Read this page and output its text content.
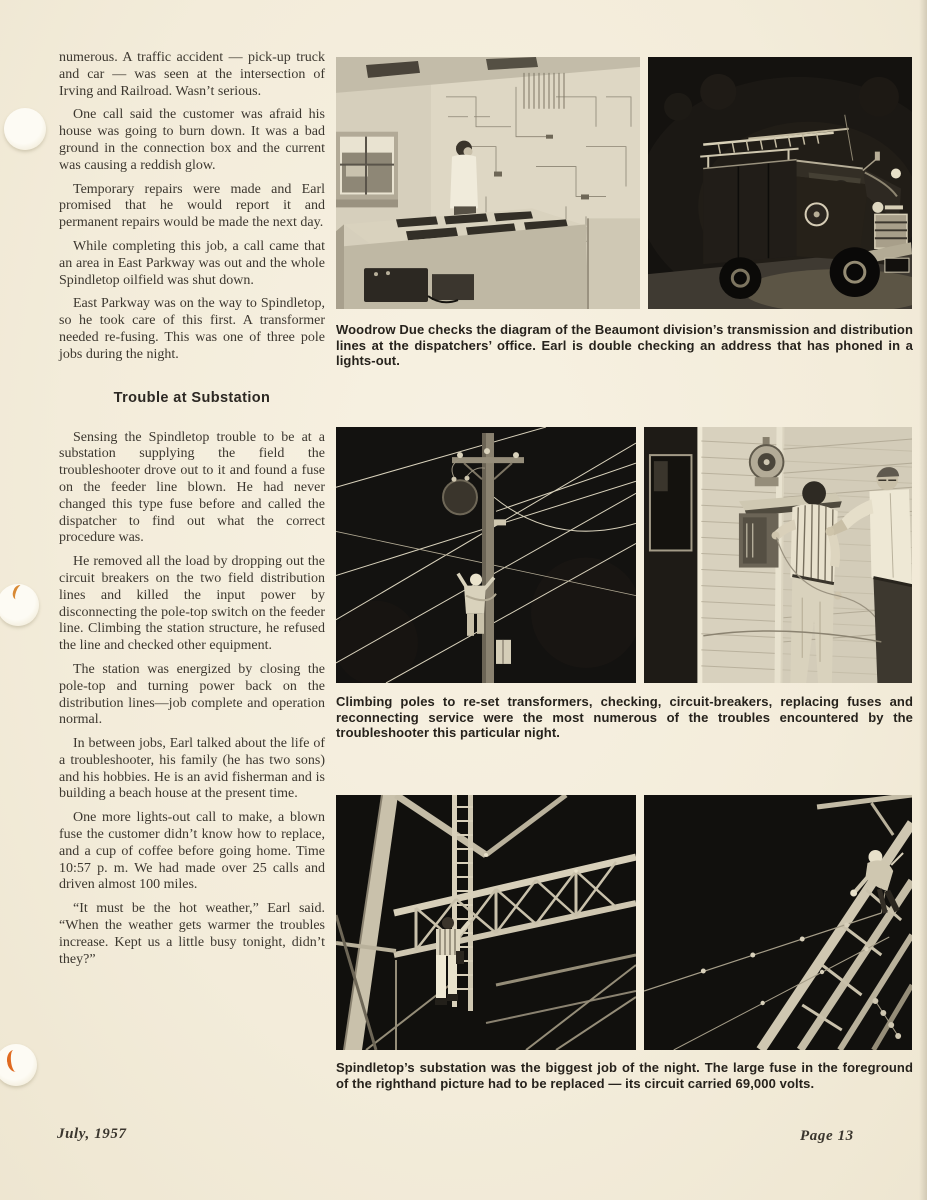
numerous. A traffic accident — pick-up truck and car — was seen at the intersection of Irving and Railroad. Wasn’t serious.

One call said the customer was afraid his house was going to burn down. It was a bad ground in the connection box and the current was causing a reddish glow.

Temporary repairs were made and Earl promised that he would report it and permanent repairs would be made the next day.

While completing this job, a call came that an area in East Parkway was out and the whole Spindletop oilfield was shut down.

East Parkway was on the way to Spindletop, so he took care of this first. A transformer needed re-fusing. This was one of three pole jobs during the night.

Trouble at Substation

Sensing the Spindletop trouble to be at a substation supplying the field the troubleshooter drove out to it and found a fuse on the feeder line blown. He had never changed this type fuse before and called the dispatcher to find out what the correct procedure was.

He removed all the load by dropping out the circuit breakers on the two field distribution lines and killed the input power by disconnecting the pole-top switch on the feeder line. Climbing the station structure, he refused the line and checked other equipment.

The station was energized by closing the pole-top and turning power back on the distribution lines—job complete and operation normal.

In between jobs, Earl talked about the life of a troubleshooter, his family (he has two sons) and his hobbies. He is an avid fisherman and is building a beach house at the present time.

One more lights-out call to make, a blown fuse the customer didn’t know how to replace, and a cup of coffee before going home. Time 10:57 p. m. We had made over 25 calls and driven almost 100 miles.

“It must be the hot weather,” Earl said. “When the weather gets warmer the troubles increase. Kept us a little busy tonight, didn’t they?”

Woodrow Due checks the diagram of the Beaumont division’s transmission and distribution lines at the dispatchers’ office. Earl is double checking an address that has phoned in a lights-out.
Climbing poles to re-set transformers, checking, circuit-breakers, replacing fuses and reconnecting service were the most numerous of the troubles encountered by the troubleshooter this particular night.
Spindletop’s substation was the biggest job of the night. The large fuse in the foreground of the righthand picture had to be replaced — its circuit carried 69,000 volts.
July, 1957	Page 13
